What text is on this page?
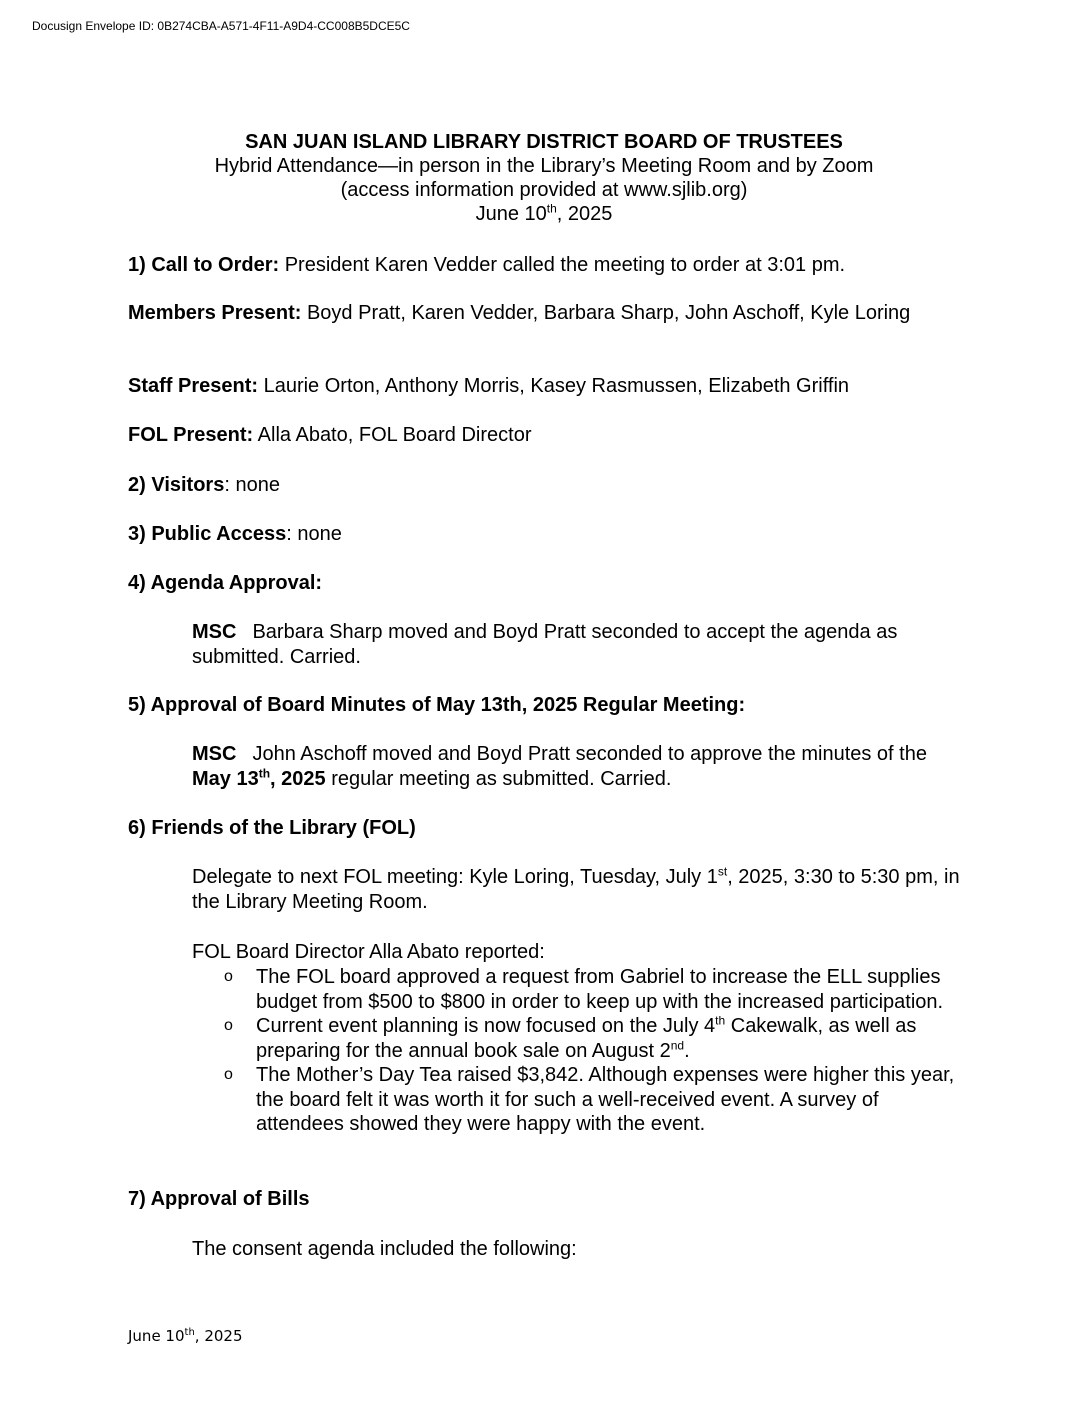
Docusign Envelope ID: 0B274CBA-A571-4F11-A9D4-CC008B5DCE5C
SAN JUAN ISLAND LIBRARY DISTRICT BOARD OF TRUSTEES
Hybrid Attendance—in person in the Library’s Meeting Room and by Zoom
(access information provided at www.sjlib.org)
June 10th, 2025
1) Call to Order: President Karen Vedder called the meeting to order at 3:01 pm.
Members Present: Boyd Pratt, Karen Vedder, Barbara Sharp, John Aschoff, Kyle Loring
Staff Present: Laurie Orton, Anthony Morris, Kasey Rasmussen, Elizabeth Griffin
FOL Present: Alla Abato, FOL Board Director
2) Visitors: none
3) Public Access: none
4) Agenda Approval:
MSC Barbara Sharp moved and Boyd Pratt seconded to accept the agenda as submitted. Carried.
5) Approval of Board Minutes of May 13th, 2025 Regular Meeting:
MSC John Aschoff moved and Boyd Pratt seconded to approve the minutes of the May 13th, 2025 regular meeting as submitted. Carried.
6) Friends of the Library (FOL)
Delegate to next FOL meeting: Kyle Loring, Tuesday, July 1st, 2025, 3:30 to 5:30 pm, in the Library Meeting Room.
FOL Board Director Alla Abato reported:
o The FOL board approved a request from Gabriel to increase the ELL supplies budget from $500 to $800 in order to keep up with the increased participation.
o Current event planning is now focused on the July 4th Cakewalk, as well as preparing for the annual book sale on August 2nd.
o The Mother’s Day Tea raised $3,842. Although expenses were higher this year, the board felt it was worth it for such a well-received event. A survey of attendees showed they were happy with the event.
7) Approval of Bills
The consent agenda included the following:
June 10th, 2025
